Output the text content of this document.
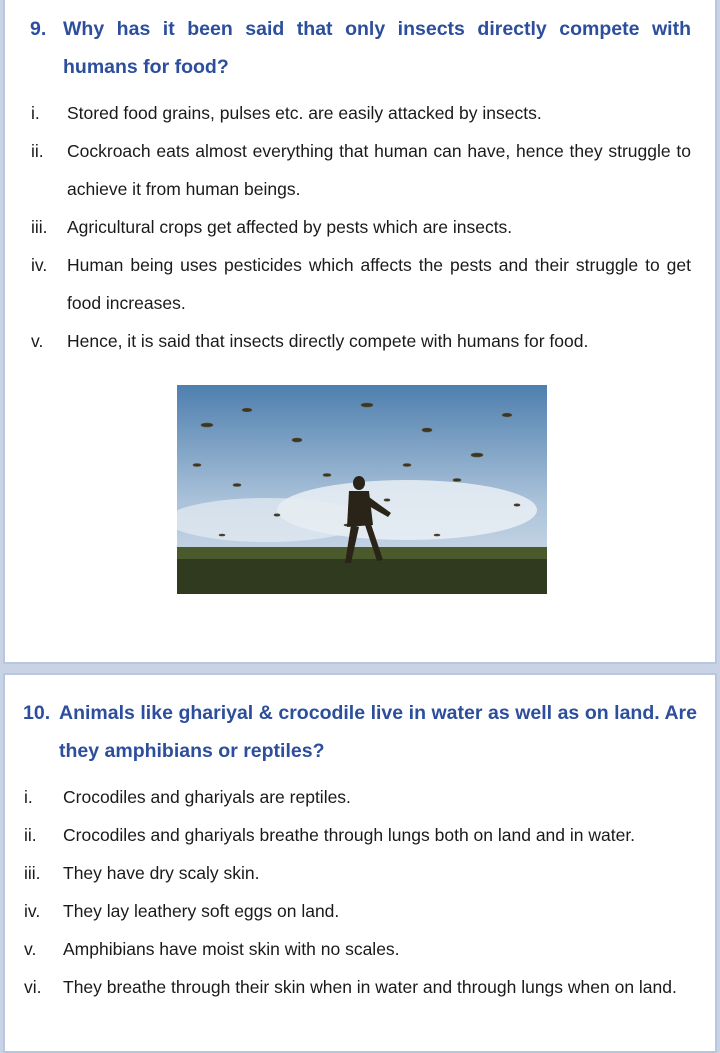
9. Why has it been said that only insects directly compete with humans for food?
i. Stored food grains, pulses etc. are easily attacked by insects.
ii. Cockroach eats almost everything that human can have, hence they struggle to achieve it from human beings.
iii. Agricultural crops get affected by pests which are insects.
iv. Human being uses pesticides which affects the pests and their struggle to get food increases.
v. Hence, it is said that insects directly compete with humans for food.
10. Animals like ghariyal & crocodile live in water as well as on land. Are they amphibians or reptiles?
i. Crocodiles and ghariyals are reptiles.
ii. Crocodiles and ghariyals breathe through lungs both on land and in water.
iii. They have dry scaly skin.
iv. They lay leathery soft eggs on land.
v. Amphibians have moist skin with no scales.
vi. They breathe through their skin when in water and through lungs when on land.
